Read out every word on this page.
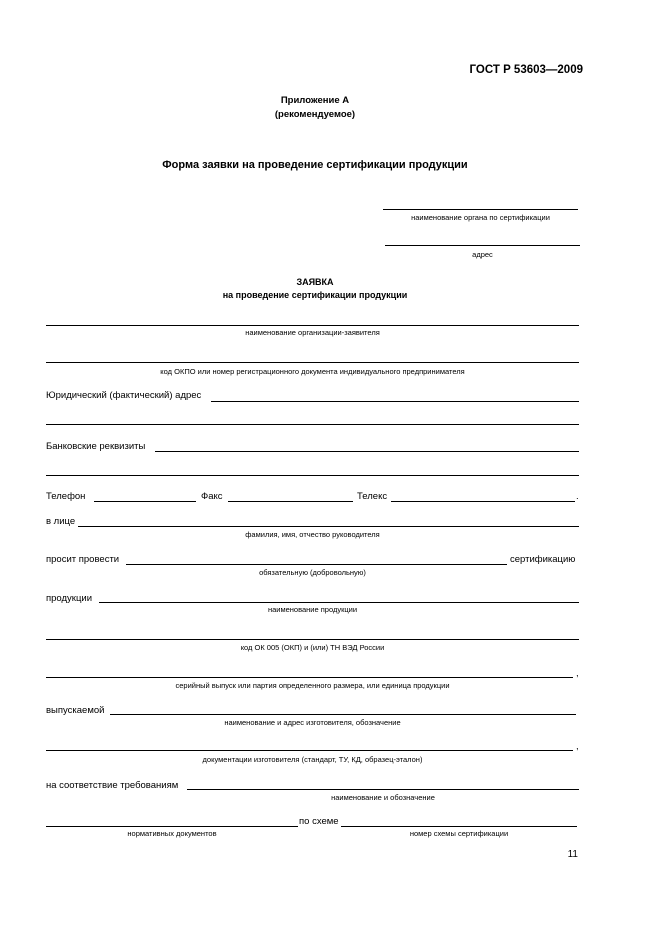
ГОСТ Р 53603—2009
Приложение А
(рекомендуемое)
Форма заявки на проведение сертификации продукции
наименование органа по сертификации
адрес
ЗАЯВКА
на проведение сертификации продукции
наименование организации-заявителя
код ОКПО или номер регистрационного документа индивидуального предпринимателя
Юридический (фактический) адрес
Банковские реквизиты
Телефон	Факс	Телекс	.
в лице
фамилия, имя, отчество руководителя
просит провести	сертификацию
обязательную (добровольную)
продукции
наименование продукции
код ОК 005 (ОКП) и (или) ТН ВЭД России
,
серийный выпуск или партия определенного размера, или единица продукции
выпускаемой
наименование и адрес изготовителя, обозначение
,
документации изготовителя (стандарт, ТУ, КД, образец-эталон)
на соответствие требованиям
наименование и обозначение
по схеме
нормативных документов	номер схемы сертификации
11
